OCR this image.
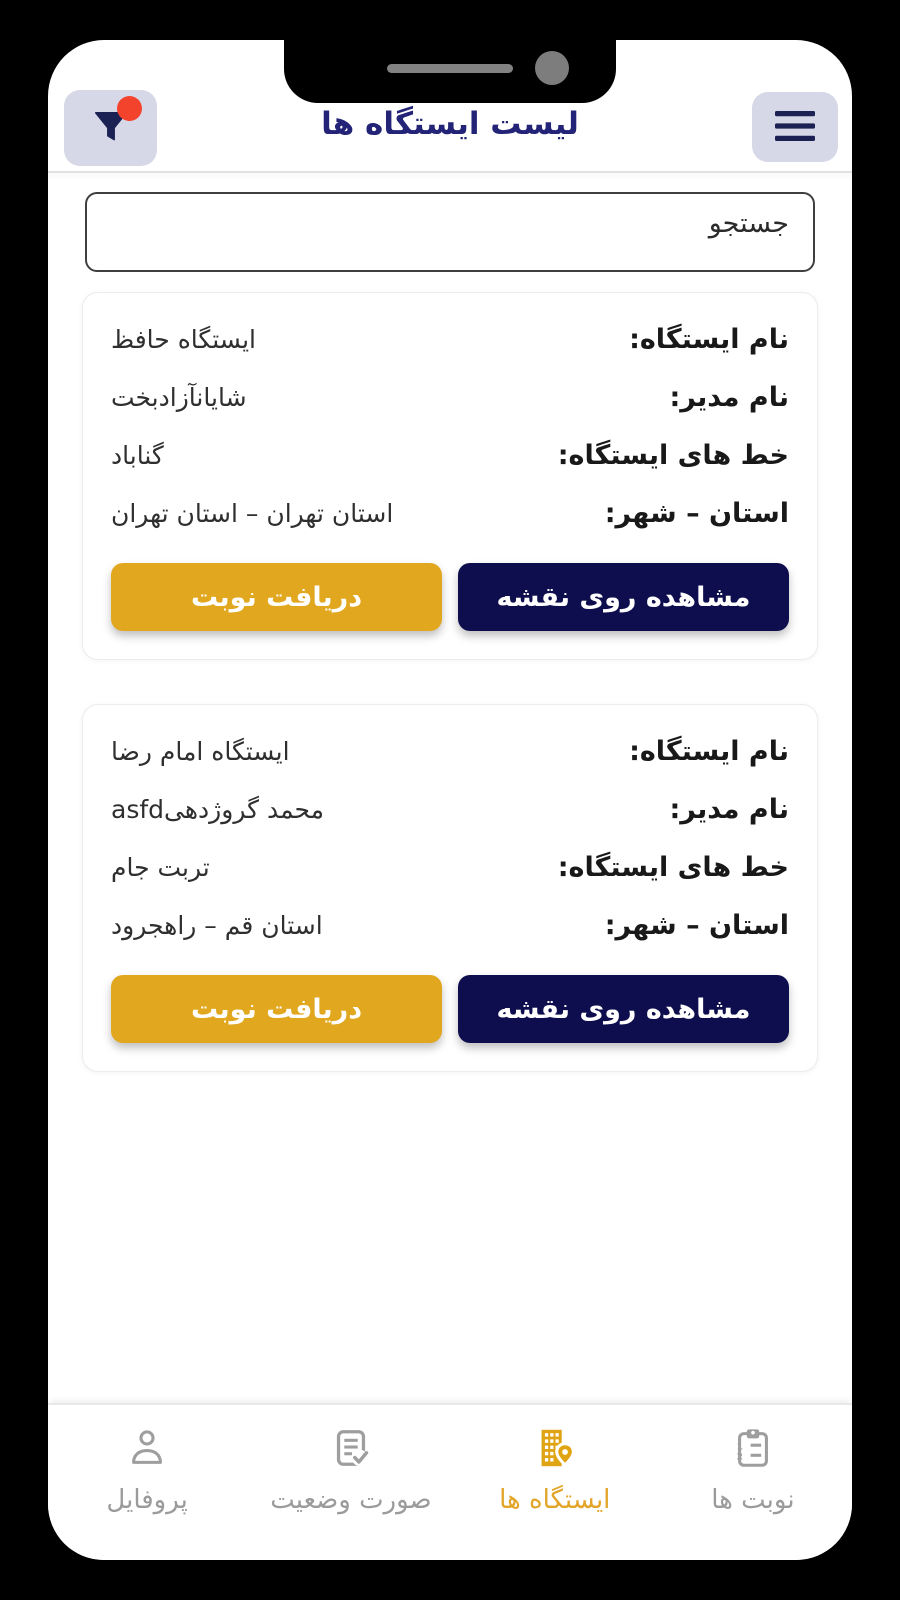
لیست ایستگاه ها
جستجو
نام ایستگاه:
ایستگاه حافظ
نام مدیر:
شایانآزادبخت
خط های ایستگاه:
گناباد
استان – شهر:
استان تهران – استان تهران
مشاهده روی نقشه
دریافت نوبت
نام ایستگاه:
ایستگاه امام رضا
نام مدیر:
محمد گروژدهیasfd
خط های ایستگاه:
تربت جام
استان – شهر:
استان قم – راهجرود
مشاهده روی نقشه
دریافت نوبت
1
2
نوبت ها
ایستگاه ها
صورت وضعیت
پروفایل
